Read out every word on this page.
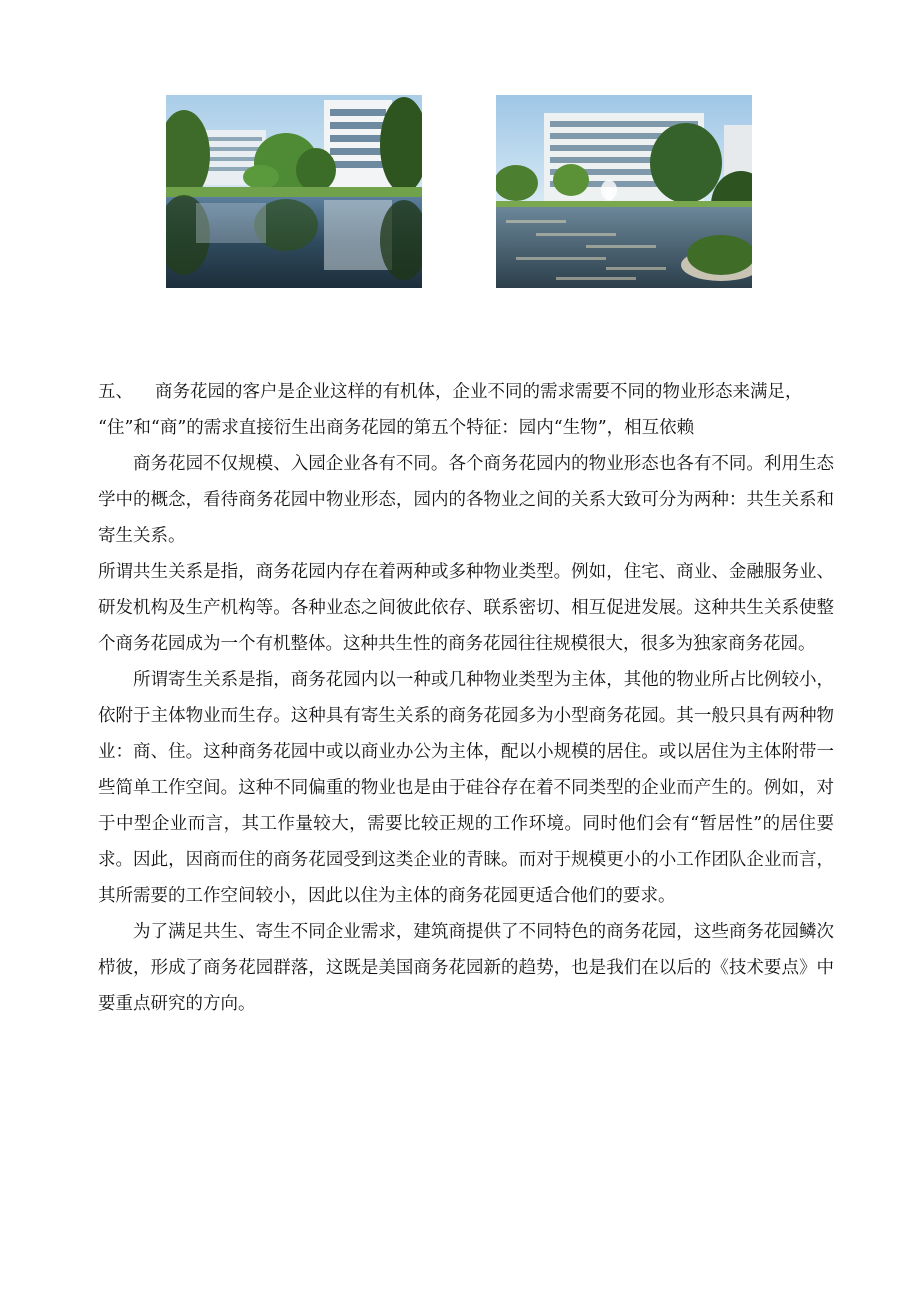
五、 商务花园的客户是企业这样的有机体，企业不同的需求需要不同的物业形态来满足，
“住”和“商”的需求直接衍生出商务花园的第五个特征：园内“生物”，相互依赖

商务花园不仅规模、入园企业各有不同。各个商务花园内的物业形态也各有不同。利用生态学中的概念，看待商务花园中物业形态，园内的各物业之间的关系大致可分为两种：共生关系和寄生关系。

所谓共生关系是指，商务花园内存在着两种或多种物业类型。例如，住宅、商业、金融服务业、研发机构及生产机构等。各种业态之间彼此依存、联系密切、相互促进发展。这种共生关系使整个商务花园成为一个有机整体。这种共生性的商务花园往往规模很大，很多为独家商务花园。

所谓寄生关系是指，商务花园内以一种或几种物业类型为主体，其他的物业所占比例较小，依附于主体物业而生存。这种具有寄生关系的商务花园多为小型商务花园。其一般只具有两种物业：商、住。这种商务花园中或以商业办公为主体，配以小规模的居住。或以居住为主体附带一些简单工作空间。这种不同偏重的物业也是由于硅谷存在着不同类型的企业而产生的。例如，对于中型企业而言，其工作量较大，需要比较正规的工作环境。同时他们会有“暂居性”的居住要求。因此，因商而住的商务花园受到这类企业的青睐。而对于规模更小的小工作团队企业而言，其所需要的工作空间较小，因此以住为主体的商务花园更适合他们的要求。

为了满足共生、寄生不同企业需求，建筑商提供了不同特色的商务花园，这些商务花园鳞次栉彼，形成了商务花园群落，这既是美国商务花园新的趋势，也是我们在以后的《技术要点》中要重点研究的方向。
